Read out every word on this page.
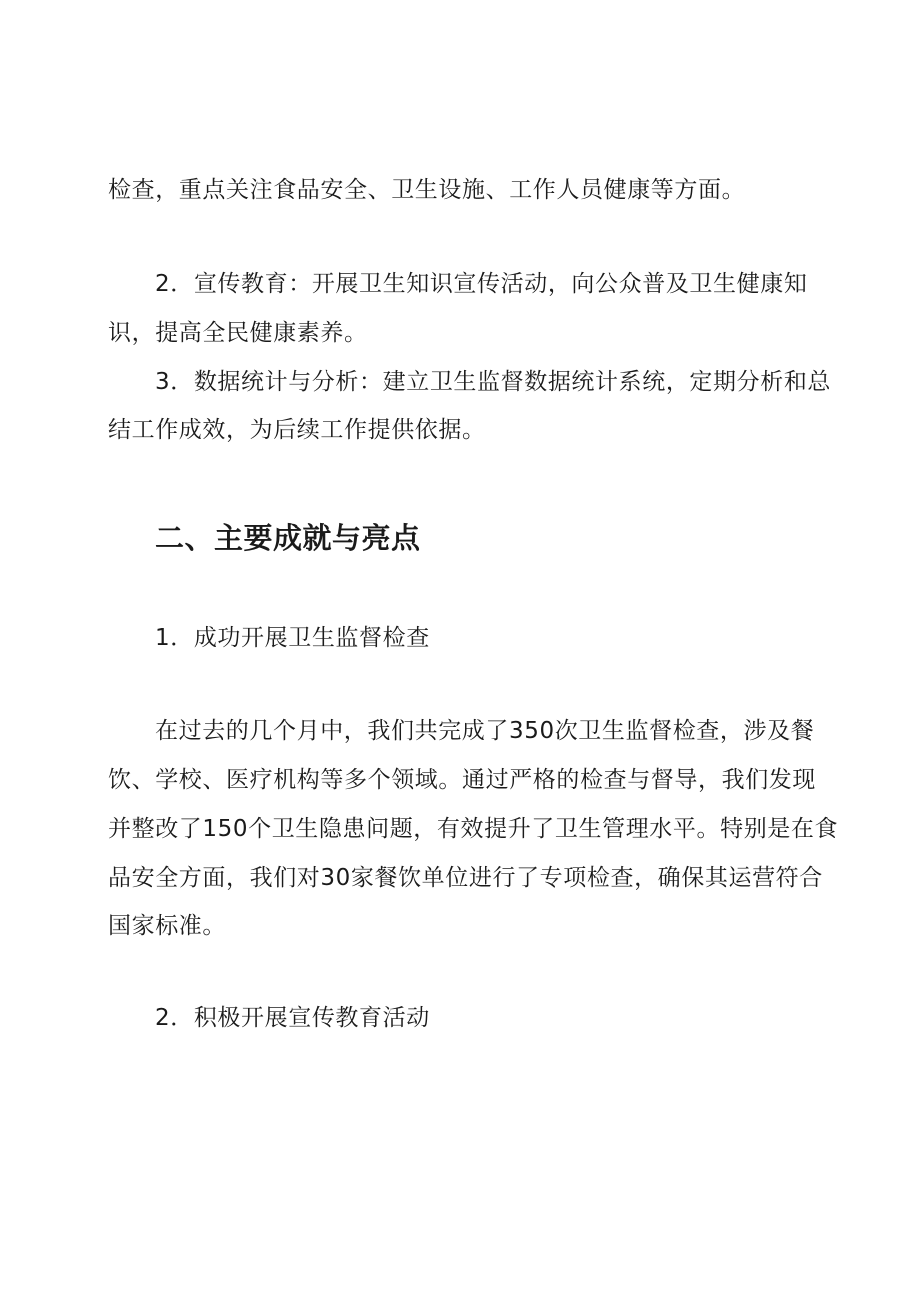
检查，重点关注食品安全、卫生设施、工作人员健康等方面。
2．宣传教育：开展卫生知识宣传活动，向公众普及卫生健康知
识，提高全民健康素养。
3．数据统计与分析：建立卫生监督数据统计系统，定期分析和总
结工作成效，为后续工作提供依据。
二、主要成就与亮点
1．成功开展卫生监督检查
在过去的几个月中，我们共完成了350次卫生监督检查，涉及餐
饮、学校、医疗机构等多个领域。通过严格的检查与督导，我们发现
并整改了150个卫生隐患问题，有效提升了卫生管理水平。特别是在食
品安全方面，我们对30家餐饮单位进行了专项检查，确保其运营符合
国家标准。
2．积极开展宣传教育活动
